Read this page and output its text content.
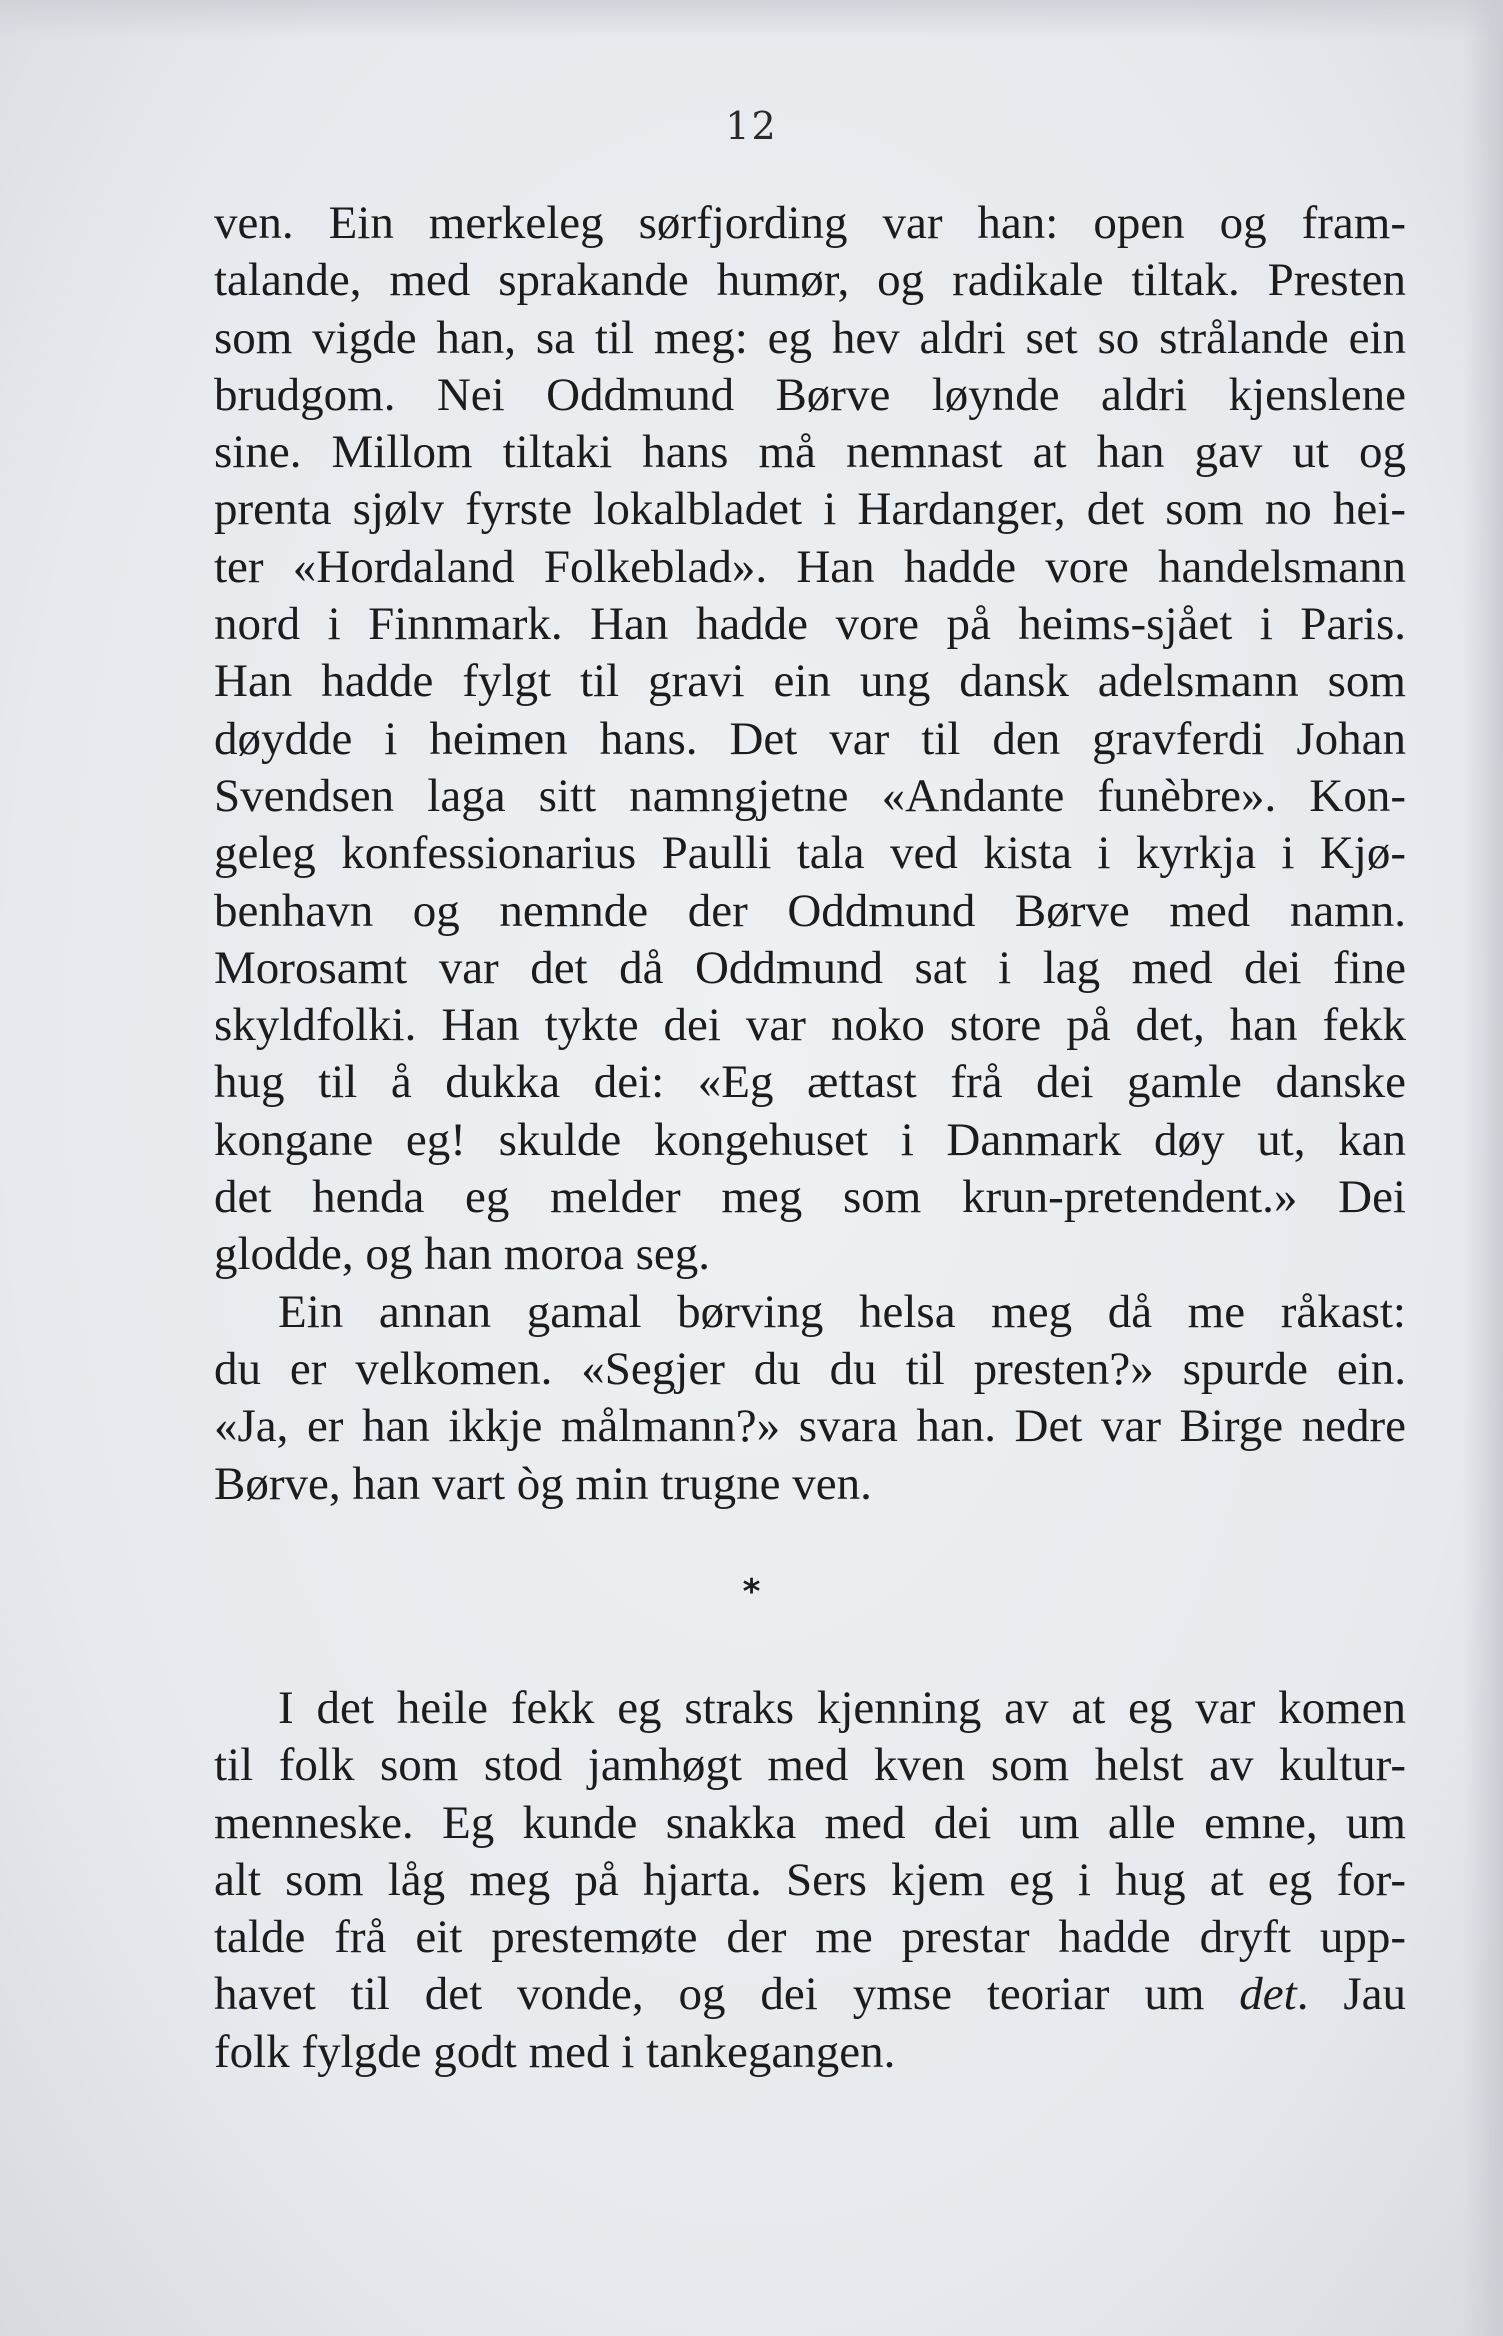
12
ven. Ein merkeleg sørfjording var han: open og fram-
talande, med sprakande humør, og radikale tiltak. Presten
som vigde han, sa til meg: eg hev aldri set so strålande ein
brudgom. Nei Oddmund Børve løynde aldri kjenslene
sine. Millom tiltaki hans må nemnast at han gav ut og
prenta sjølv fyrste lokalbladet i Hardanger, det som no hei-
ter «Hordaland Folkeblad». Han hadde vore handelsmann
nord i Finnmark. Han hadde vore på heims-sjået i Paris.
Han hadde fylgt til gravi ein ung dansk adelsmann som
døydde i heimen hans. Det var til den gravferdi Johan
Svendsen laga sitt namngjetne «Andante funèbre». Kon-
geleg konfessionarius Paulli tala ved kista i kyrkja i Kjø-
benhavn og nemnde der Oddmund Børve med namn.
Morosamt var det då Oddmund sat i lag med dei fine
skyldfolki. Han tykte dei var noko store på det, han fekk
hug til å dukka dei: «Eg ættast frå dei gamle danske
kongane eg! skulde kongehuset i Danmark døy ut, kan
det henda eg melder meg som krun-pretendent.» Dei
glodde, og han moroa seg.
Ein annan gamal børving helsa meg då me råkast:
du er velkomen. «Segjer du du til presten?» spurde ein.
«Ja, er han ikkje målmann?» svara han. Det var Birge nedre
Børve, han vart òg min trugne ven.
*
I det heile fekk eg straks kjenning av at eg var komen
til folk som stod jamhøgt med kven som helst av kultur-
menneske. Eg kunde snakka med dei um alle emne, um
alt som låg meg på hjarta. Sers kjem eg i hug at eg for-
talde frå eit prestemøte der me prestar hadde dryft upp-
havet til det vonde, og dei ymse teoriar um det. Jau
folk fylgde godt med i tankegangen.
